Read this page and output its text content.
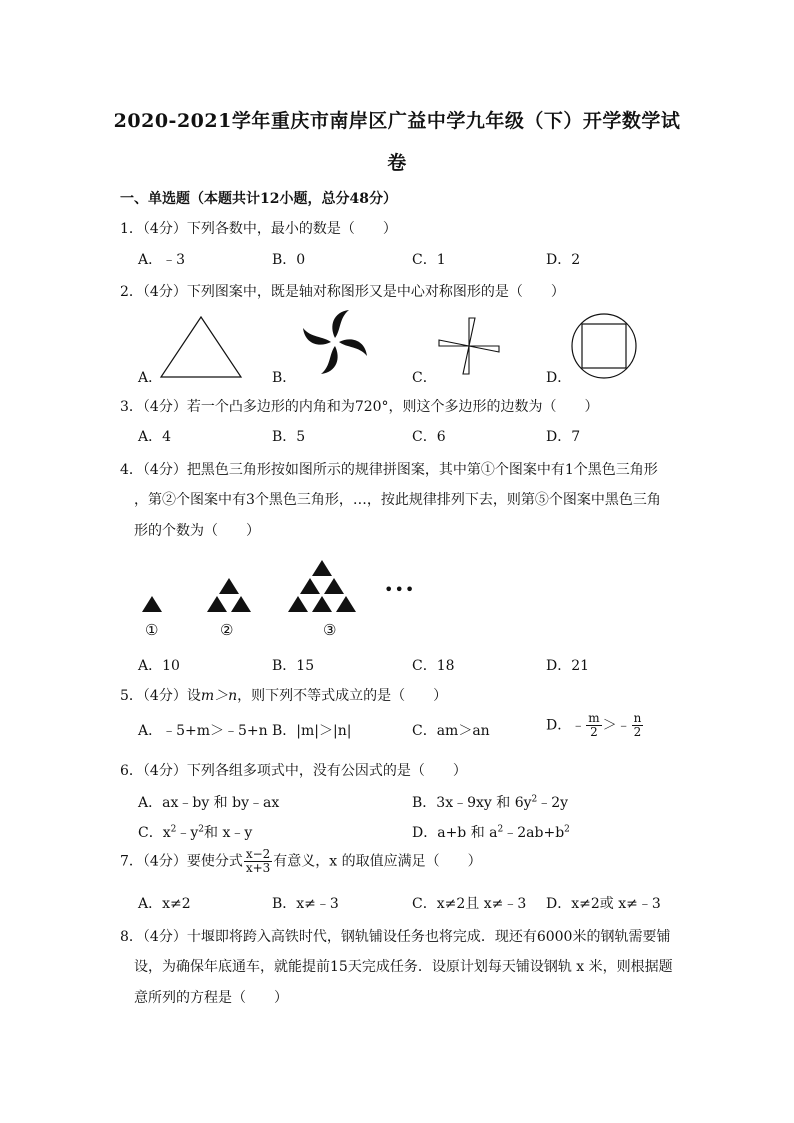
2020-2021学年重庆市南岸区广益中学九年级（下）开学数学试
卷
一、单选题（本题共计12小题，总分48分）
1．（4分）下列各数中，最小的数是（　　）
A．﹣3	B．0	C．1	D．2
2．（4分）下列图案中，既是轴对称图形又是中心对称图形的是（　　）
A．	B．	C．	D．
3．（4分）若一个凸多边形的内角和为720°，则这个多边形的边数为（　　）
A．4	B．5	C．6	D．7
4．（4分）把黑色三角形按如图所示的规律拼图案，其中第①个图案中有1个黑色三角形
，第②个图案中有3个黑色三角形，…，按此规律排列下去，则第⑤个图案中黑色三角
形的个数为（　　）
•••
①	②	③
A．10	B．15	C．18	D．21
5．（4分）设m＞n，则下列不等式成立的是（　　）
A．﹣5+m＞﹣5+n B．|m|＞|n|	C．am＞an	D．﹣ $\frac{m}{2}$ ＞﹣ $\frac{n}{2}$
6．（4分）下列各组多项式中，没有公因式的是（　　）
A．ax﹣by 和 by﹣ax	B．3x﹣9xy 和 $6y^2﹣2y$
C．$x^2﹣y^2$和 x﹣y	D．a+b 和 $a^2﹣2ab+b^2$
7．（4分）要使分式 $\frac{x-2}{x+3}$ 有意义，x 的取值应满足（　　）
A．x≠2	B．x≠﹣3	C．x≠2且 x≠﹣3 D．x≠2或 x≠﹣3
8．（4分）十堰即将跨入高铁时代，钢轨铺设任务也将完成．现还有6000米的钢轨需要铺
设，为确保年底通车，就能提前15天完成任务．设原计划每天铺设钢轨 x 米，则根据题
意所列的方程是（　　）
